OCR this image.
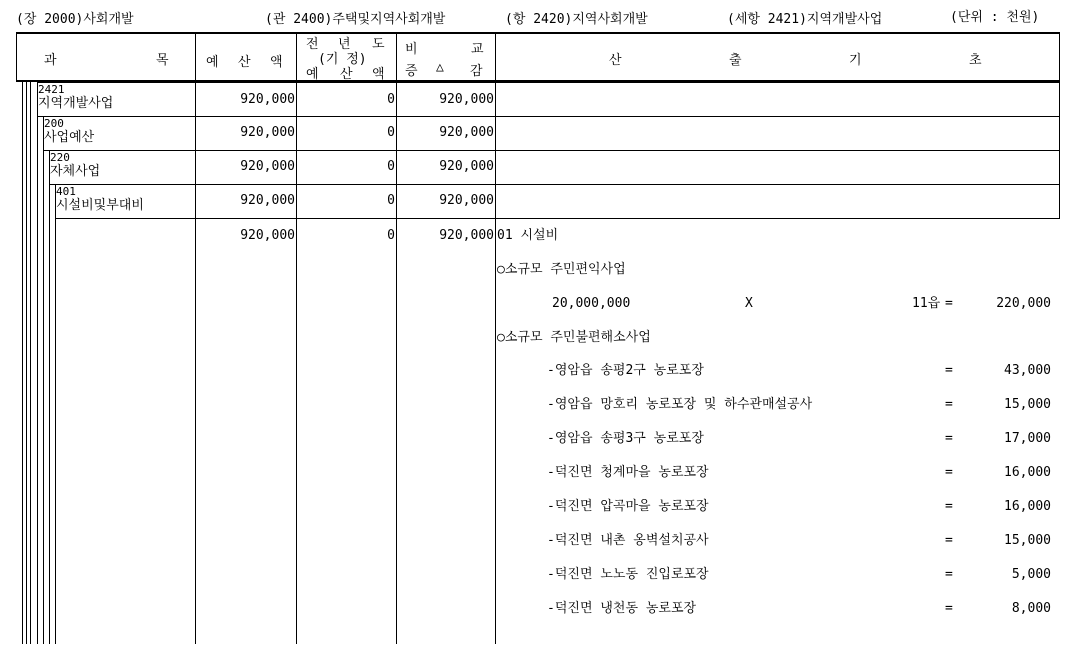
(장 2000)사회개발	(관 2400)주택및지역사회개발	(항 2420)지역사회개발	(세항 2421)지역개발사업	(단위 : 천원)
과	목	예 산 액
전 년 도
(기 정)
예 산 액
비	교
증 △ 감
산	출	기	초
2421
지역개발사업	920,000	0	920,000
200
사업예산	920,000	0	920,000
220
자체사업	920,000	0	920,000
401
시설비및부대비	920,000	0	920,000
920,000	0	920,000 01 시설비
○소규모 주민편익사업
20,000,000	X	11읍 =	220,000
○소규모 주민불편해소사업
-영암읍 송평2구 농로포장	=	43,000
-영암읍 망호리 농로포장 및 하수관매설공사	=	15,000
-영암읍 송평3구 농로포장	=	17,000
-덕진면 청계마을 농로포장	=	16,000
-덕진면 압곡마을 농로포장	=	16,000
-덕진면 내촌 옹벽설치공사	=	15,000
-덕진면 노노동 진입로포장	=	5,000
-덕진면 냉천동 농로포장	=	8,000
